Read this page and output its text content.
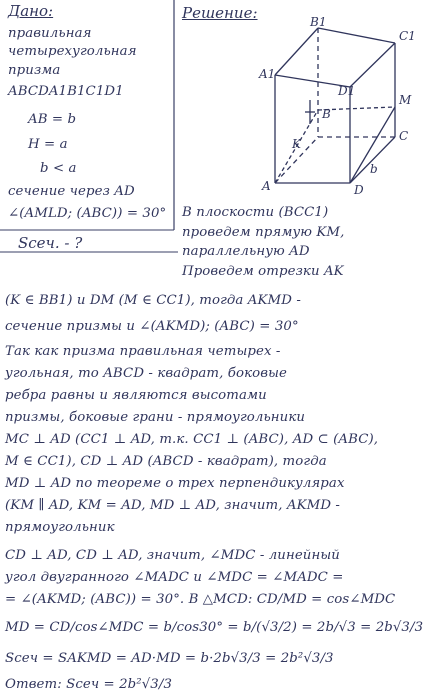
B1
C1
A1
D1
M
B
K
C
A	D
b
Дано:
правильная
четырехугольная
призма
ABCDA1B1C1D1
AB = b
H = a
b < a
сечение через AD
∠(AMLD; (ABC)) = 30°
Sсеч. - ?
Решение:
В плоскости (BCC1)
проведем прямую KM,
параллельную AD
Проведем отрезки AK
(K ∈ BB1) и DM (M ∈ CC1), тогда AKMD -
сечение призмы и ∠(AKMD); (ABC) = 30°
Так как призма правильная четырех -
угольная, то ABCD - квадрат, боковые
ребра равны и являются высотами
призмы, боковые грани - прямоугольники
MC ⊥ AD (CC1 ⊥ AD, т.к. CC1 ⊥ (ABC), AD ⊂ (ABC),
M ∈ CC1), CD ⊥ AD (ABCD - квадрат), тогда
MD ⊥ AD по теореме о трех перпендикулярах
(KM ∥ AD, KM = AD, MD ⊥ AD, значит, AKMD -
прямоугольник
CD ⊥ AD, CD ⊥ AD, значит, ∠MDC - линейный
угол двугранного ∠MADC и ∠MDC = ∠MADC =
= ∠(AKMD; (ABC)) = 30°. В △MCD: CD/MD = cos∠MDC
MD = CD/cos∠MDC = b/cos30° = b/(√3/2) = 2b/√3 = 2b√3/3
Sсеч = SAKMD = AD·MD = b·2b√3/3 = 2b²√3/3
Ответ: Sсеч = 2b²√3/3
